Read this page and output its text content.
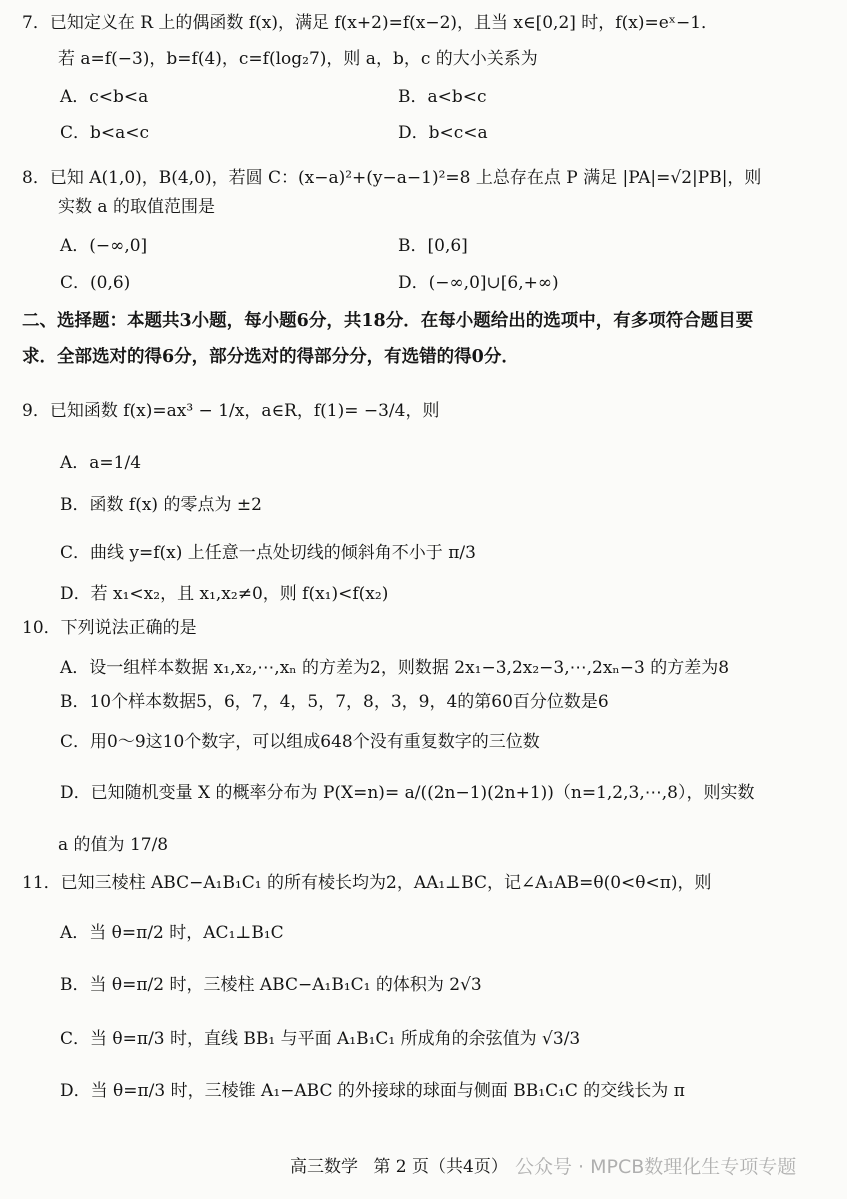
7．已知定义在 R 上的偶函数 f(x)，满足 f(x+2)=f(x−2)，且当 x∈[0,2] 时，f(x)=eˣ−1．
若 a=f(−3)，b=f(4)，c=f(log₂7)，则 a，b，c 的大小关系为
A．c<b<a	B．a<b<c
C．b<a<c	D．b<c<a
8．已知 A(1,0)，B(4,0)，若圆 C：(x−a)²+(y−a−1)²=8 上总存在点 P 满足 |PA|=√2|PB|，则
实数 a 的取值范围是
A．(−∞,0]	B．[0,6]
C．(0,6)	D．(−∞,0]∪[6,+∞)
二、选择题：本题共3小题，每小题6分，共18分．在每小题给出的选项中，有多项符合题目要
求．全部选对的得6分，部分选对的得部分分，有选错的得0分．
9．已知函数 f(x)=ax³ − 1/x，a∈R，f(1)= −3/4，则
A．a=1/4
B．函数 f(x) 的零点为 ±2
C．曲线 y=f(x) 上任意一点处切线的倾斜角不小于 π/3
D．若 x₁<x₂，且 x₁,x₂≠0，则 f(x₁)<f(x₂)
10．下列说法正确的是
A．设一组样本数据 x₁,x₂,⋯,xₙ 的方差为2，则数据 2x₁−3,2x₂−3,⋯,2xₙ−3 的方差为8
B．10个样本数据5，6，7，4，5，7，8，3，9，4的第60百分位数是6
C．用0～9这10个数字，可以组成648个没有重复数字的三位数
D．已知随机变量 X 的概率分布为 P(X=n)= a/((2n−1)(2n+1))（n=1,2,3,⋯,8），则实数
a 的值为 17/8
11．已知三棱柱 ABC−A₁B₁C₁ 的所有棱长均为2，AA₁⊥BC，记∠A₁AB=θ(0<θ<π)，则
A．当 θ=π/2 时，AC₁⊥B₁C
B．当 θ=π/2 时，三棱柱 ABC−A₁B₁C₁ 的体积为 2√3
C．当 θ=π/3 时，直线 BB₁ 与平面 A₁B₁C₁ 所成角的余弦值为 √3/3
D．当 θ=π/3 时，三棱锥 A₁−ABC 的外接球的球面与侧面 BB₁C₁C 的交线长为 π
高三数学 第 2 页（共4页） 公众号 · MPCB数理化生专项专题
